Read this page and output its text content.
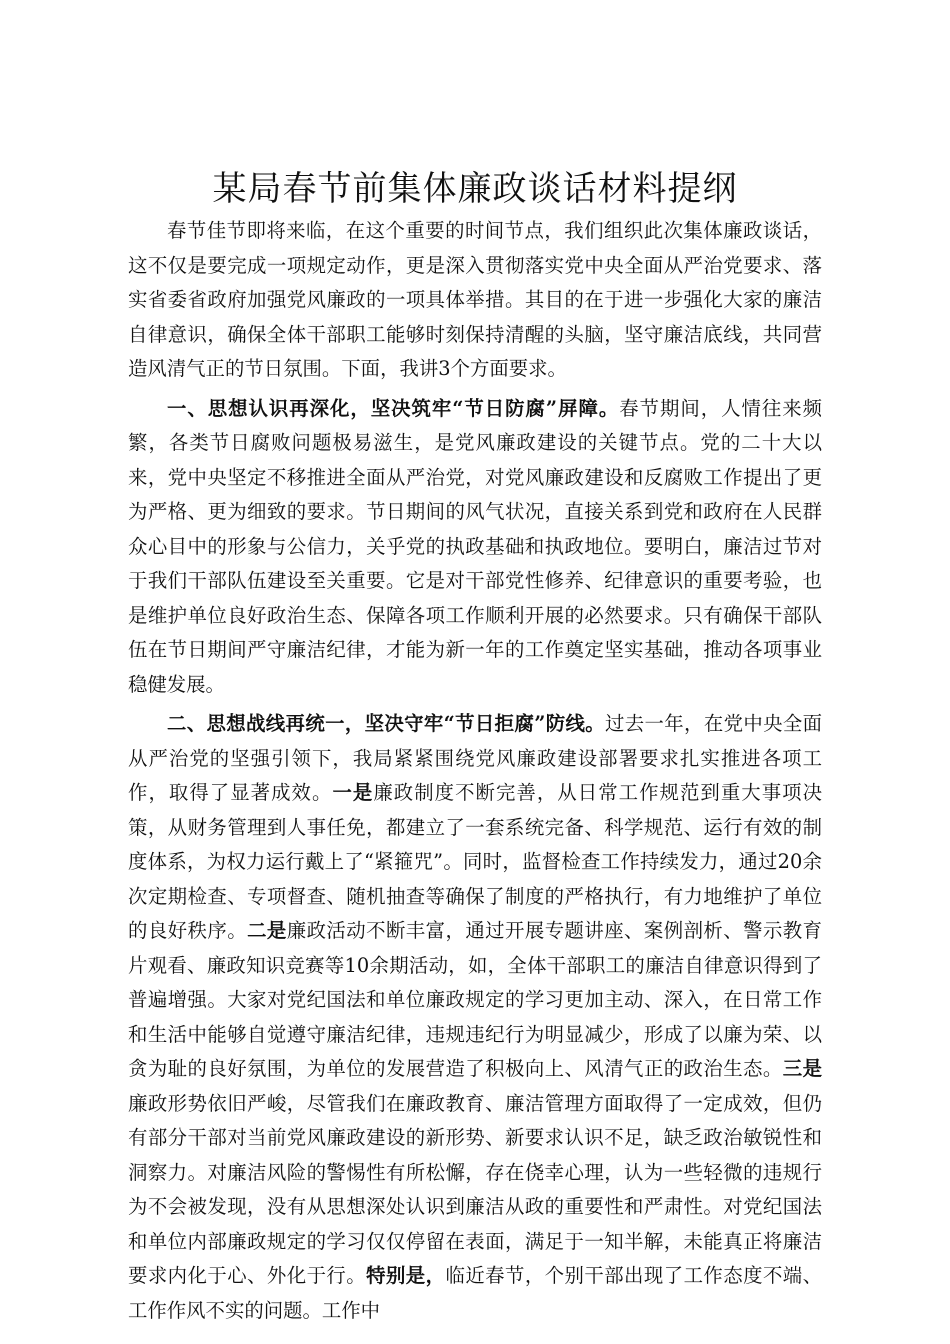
某局春节前集体廉政谈话材料提纲

春节佳节即将来临，在这个重要的时间节点，我们组织此次集体廉政谈话，这不仅是要完成一项规定动作，更是深入贯彻落实党中央全面从严治党要求、落实省委省政府加强党风廉政的一项具体举措。其目的在于进一步强化大家的廉洁自律意识，确保全体干部职工能够时刻保持清醒的头脑，坚守廉洁底线，共同营造风清气正的节日氛围。下面，我讲3个方面要求。

一、思想认识再深化，坚决筑牢“节日防腐”屏障。春节期间，人情往来频繁，各类节日腐败问题极易滋生，是党风廉政建设的关键节点。党的二十大以来，党中央坚定不移推进全面从严治党，对党风廉政建设和反腐败工作提出了更为严格、更为细致的要求。节日期间的风气状况，直接关系到党和政府在人民群众心目中的形象与公信力，关乎党的执政基础和执政地位。要明白，廉洁过节对于我们干部队伍建设至关重要。它是对干部党性修养、纪律意识的重要考验，也是维护单位良好政治生态、保障各项工作顺利开展的必然要求。只有确保干部队伍在节日期间严守廉洁纪律，才能为新一年的工作奠定坚实基础，推动各项事业稳健发展。

二、思想战线再统一，坚决守牢“节日拒腐”防线。过去一年，在党中央全面从严治党的坚强引领下，我局紧紧围绕党风廉政建设部署要求扎实推进各项工作，取得了显著成效。一是廉政制度不断完善，从日常工作规范到重大事项决策，从财务管理到人事任免，都建立了一套系统完备、科学规范、运行有效的制度体系，为权力运行戴上了“紧箍咒”。同时，监督检查工作持续发力，通过20余次定期检查、专项督查、随机抽查等确保了制度的严格执行，有力地维护了单位的良好秩序。二是廉政活动不断丰富，通过开展专题讲座、案例剖析、警示教育片观看、廉政知识竞赛等10余期活动，如，全体干部职工的廉洁自律意识得到了普遍增强。大家对党纪国法和单位廉政规定的学习更加主动、深入，在日常工作和生活中能够自觉遵守廉洁纪律，违规违纪行为明显减少，形成了以廉为荣、以贪为耻的良好氛围，为单位的发展营造了积极向上、风清气正的政治生态。三是廉政形势依旧严峻，尽管我们在廉政教育、廉洁管理方面取得了一定成效，但仍有部分干部对当前党风廉政建设的新形势、新要求认识不足，缺乏政治敏锐性和洞察力。对廉洁风险的警惕性有所松懈，存在侥幸心理，认为一些轻微的违规行为不会被发现，没有从思想深处认识到廉洁从政的重要性和严肃性。对党纪国法和单位内部廉政规定的学习仅仅停留在表面，满足于一知半解，未能真正将廉洁要求内化于心、外化于行。特别是，临近春节，个别干部出现了工作态度不端、工作作风不实的问题。工作中
